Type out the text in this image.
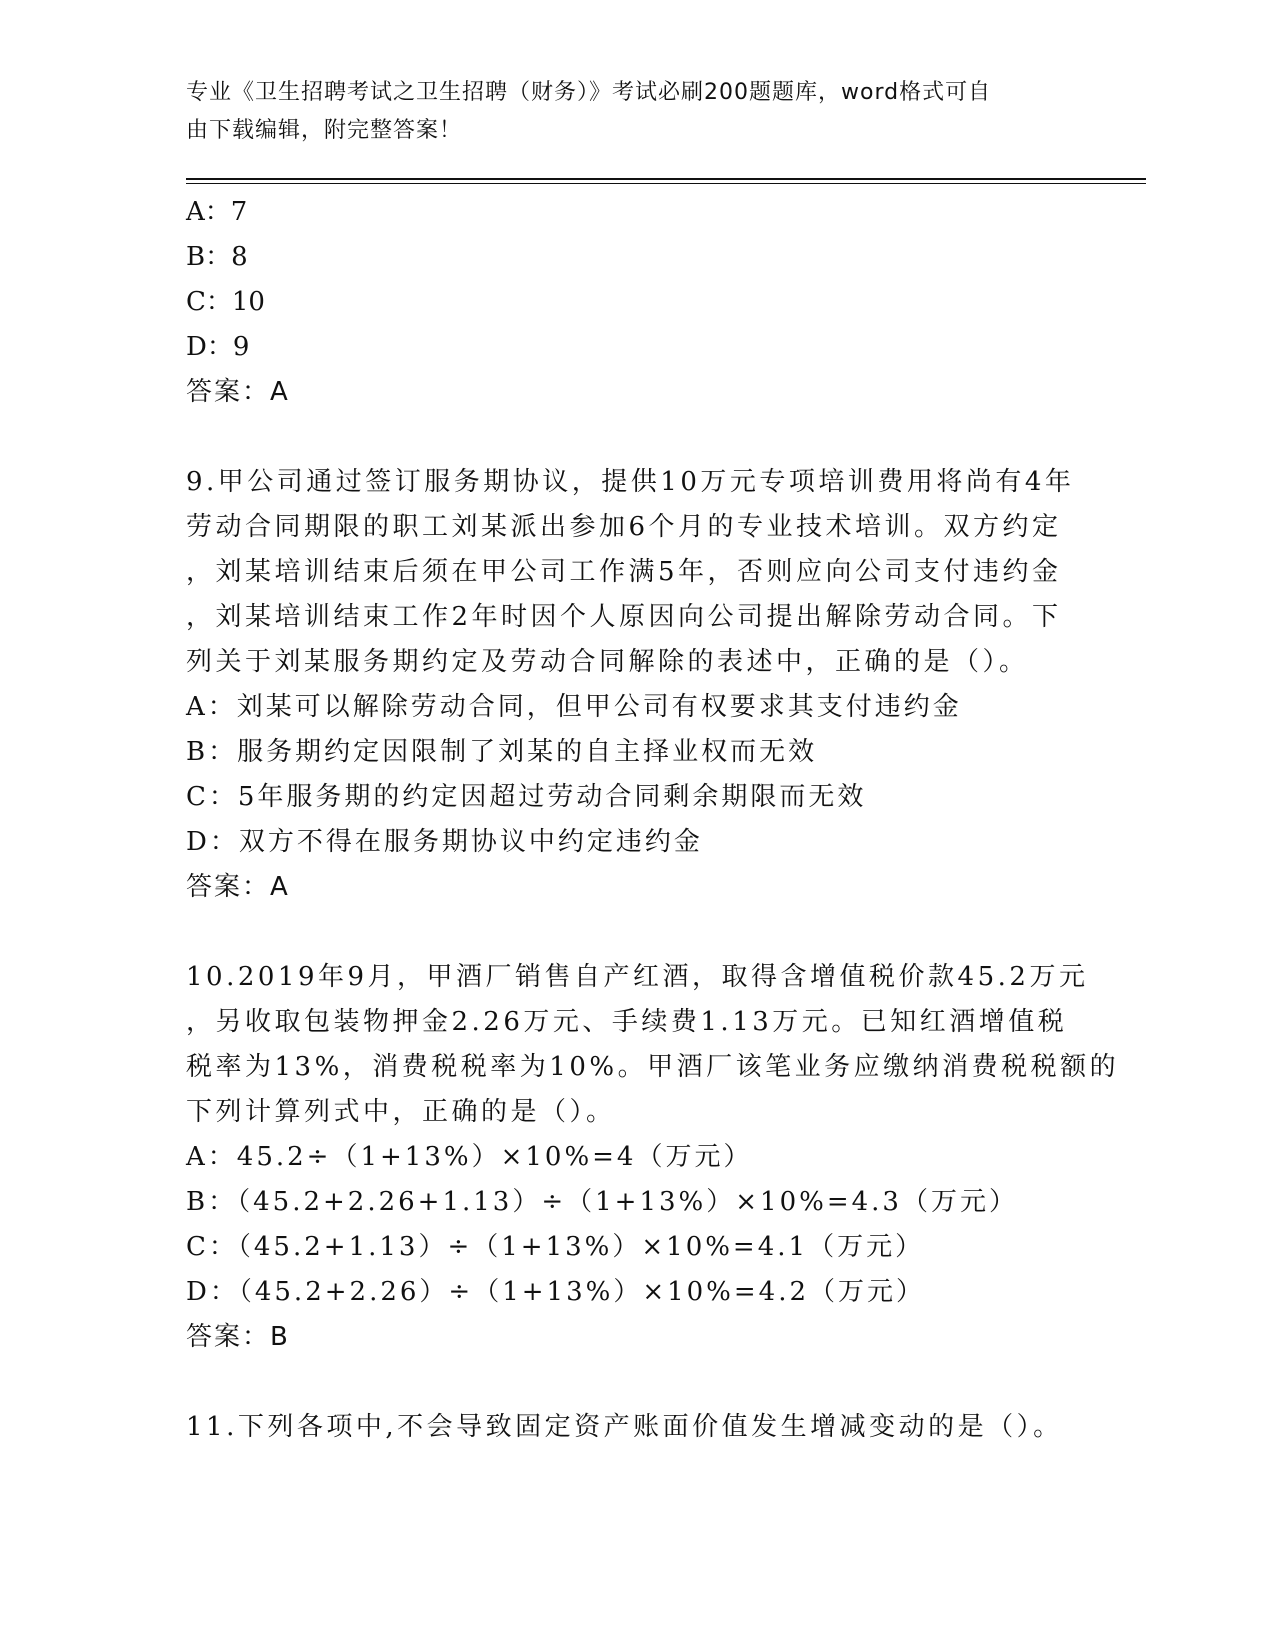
专业《卫生招聘考试之卫生招聘（财务）》考试必刷200题题库，word格式可自
由下载编辑，附完整答案！
A：7
B：8
C：10
D：9
答案：A
9.甲公司通过签订服务期协议，提供10万元专项培训费用将尚有4年
劳动合同期限的职工刘某派出参加6个月的专业技术培训。双方约定
，刘某培训结束后须在甲公司工作满5年，否则应向公司支付违约金
，刘某培训结束工作2年时因个人原因向公司提出解除劳动合同。下
列关于刘某服务期约定及劳动合同解除的表述中，正确的是（）。
A：刘某可以解除劳动合同，但甲公司有权要求其支付违约金
B：服务期约定因限制了刘某的自主择业权而无效
C：5年服务期的约定因超过劳动合同剩余期限而无效
D：双方不得在服务期协议中约定违约金
答案：A
10.2019年9月，甲酒厂销售自产红酒，取得含增值税价款45.2万元
，另收取包装物押金2.26万元、手续费1.13万元。已知红酒增值税
税率为13%，消费税税率为10%。甲酒厂该笔业务应缴纳消费税税额的
下列计算列式中，正确的是（）。
A：45.2÷（1+13%）×10%=4（万元）
B：（45.2+2.26+1.13）÷（1+13%）×10%=4.3（万元）
C：（45.2+1.13）÷（1+13%）×10%=4.1（万元）
D：（45.2+2.26）÷（1+13%）×10%=4.2（万元）
答案：B
11.下列各项中,不会导致固定资产账面价值发生增减变动的是（）。
